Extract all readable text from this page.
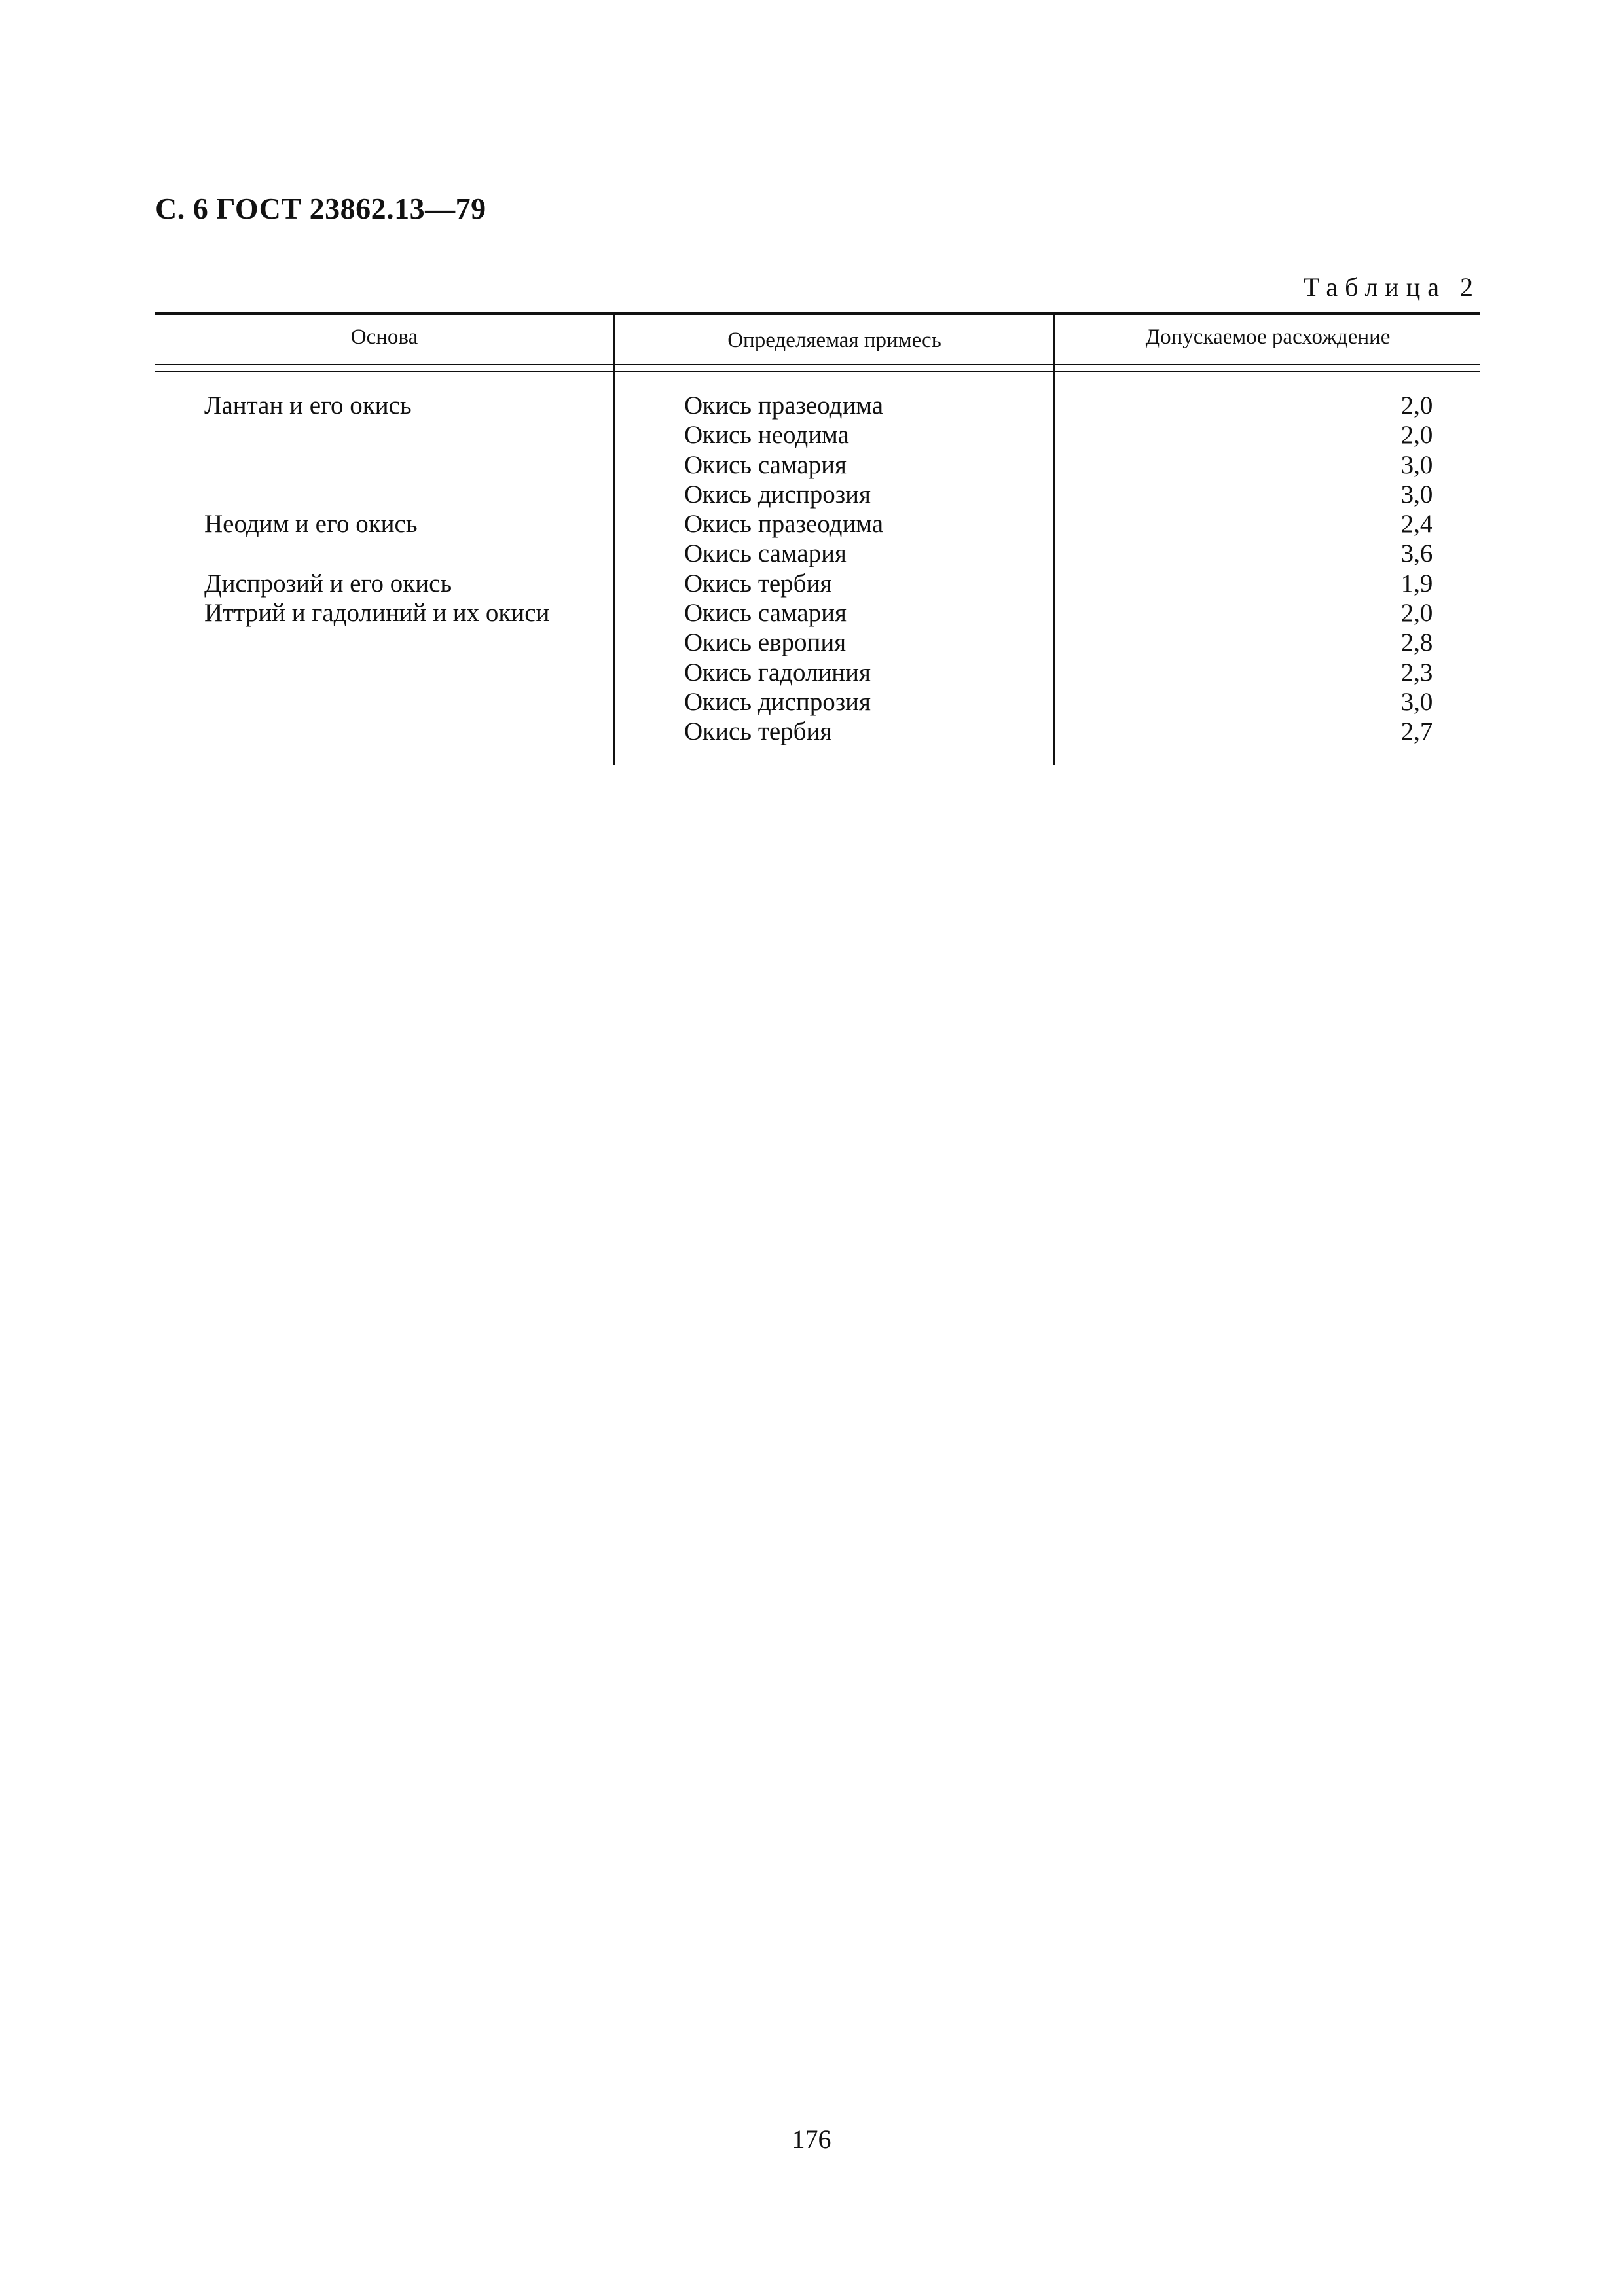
С. 6 ГОСТ 23862.13—79
Таблица 2
Основа	Определяемая примесь	Допускаемое расхождение
Лантан и его окись	Окись празеодима	2,0
Окись неодима	2,0
Окись самария	3,0
Окись диспрозия	3,0
Неодим и его окись	Окись празеодима	2,4
Окись самария	3,6
Диспрозий и его окись	Окись тербия	1,9
Иттрий и гадолиний и их окиси	Окись самария	2,0
Окись европия	2,8
Окись гадолиния	2,3
Окись диспрозия	3,0
Окись тербия	2,7
176
